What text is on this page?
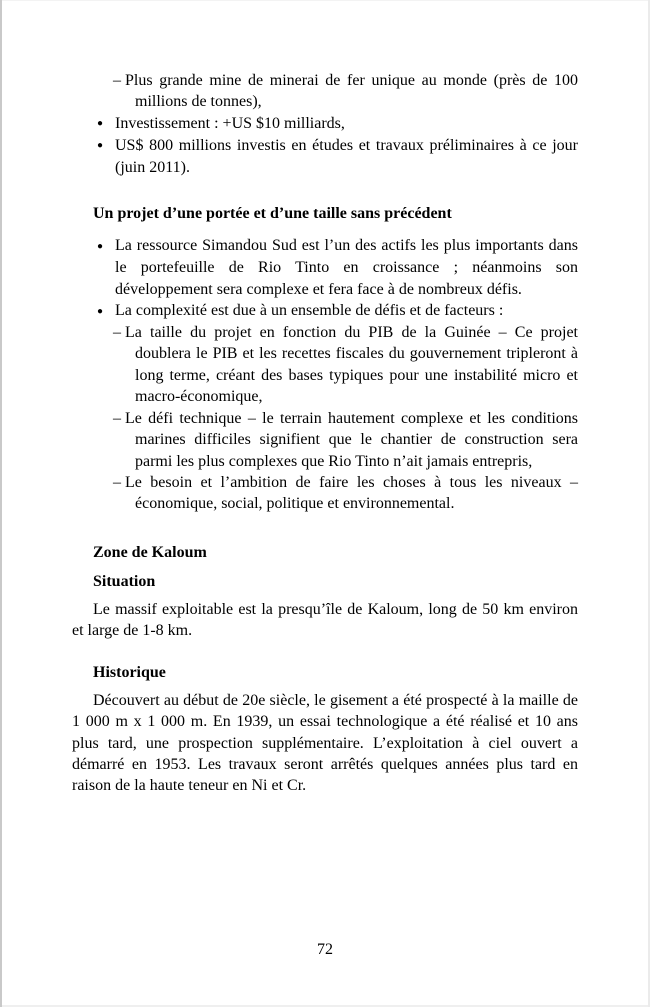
– Plus grande mine de minerai de fer unique au monde (près de 100 millions de tonnes),
● Investissement : +US $10 milliards,
● US$ 800 millions investis en études et travaux préliminaires à ce jour (juin 2011).
Un projet d’une portée et d’une taille sans précédent
● La ressource Simandou Sud est l’un des actifs les plus importants dans le portefeuille de Rio Tinto en croissance ; néanmoins son développement sera complexe et fera face à de nombreux défis.
● La complexité est due à un ensemble de défis et de facteurs :
– La taille du projet en fonction du PIB de la Guinée – Ce projet doublera le PIB et les recettes fiscales du gouvernement tripleront à long terme, créant des bases typiques pour une instabilité micro et macro-économique,
– Le défi technique – le terrain hautement complexe et les conditions marines difficiles signifient que le chantier de construction sera parmi les plus complexes que Rio Tinto n’ait jamais entrepris,
– Le besoin et l’ambition de faire les choses à tous les niveaux – économique, social, politique et environnemental.
Zone de Kaloum
Situation

Le massif exploitable est la presqu’île de Kaloum, long de 50 km environ et large de 1-8 km.

Historique

Découvert au début de 20e siècle, le gisement a été prospecté à la maille de 1 000 m x 1 000 m. En 1939, un essai technologique a été réalisé et 10 ans plus tard, une prospection supplémentaire. L’exploitation à ciel ouvert a démarré en 1953. Les travaux seront arrêtés quelques années plus tard en raison de la haute teneur en Ni et Cr.

72
